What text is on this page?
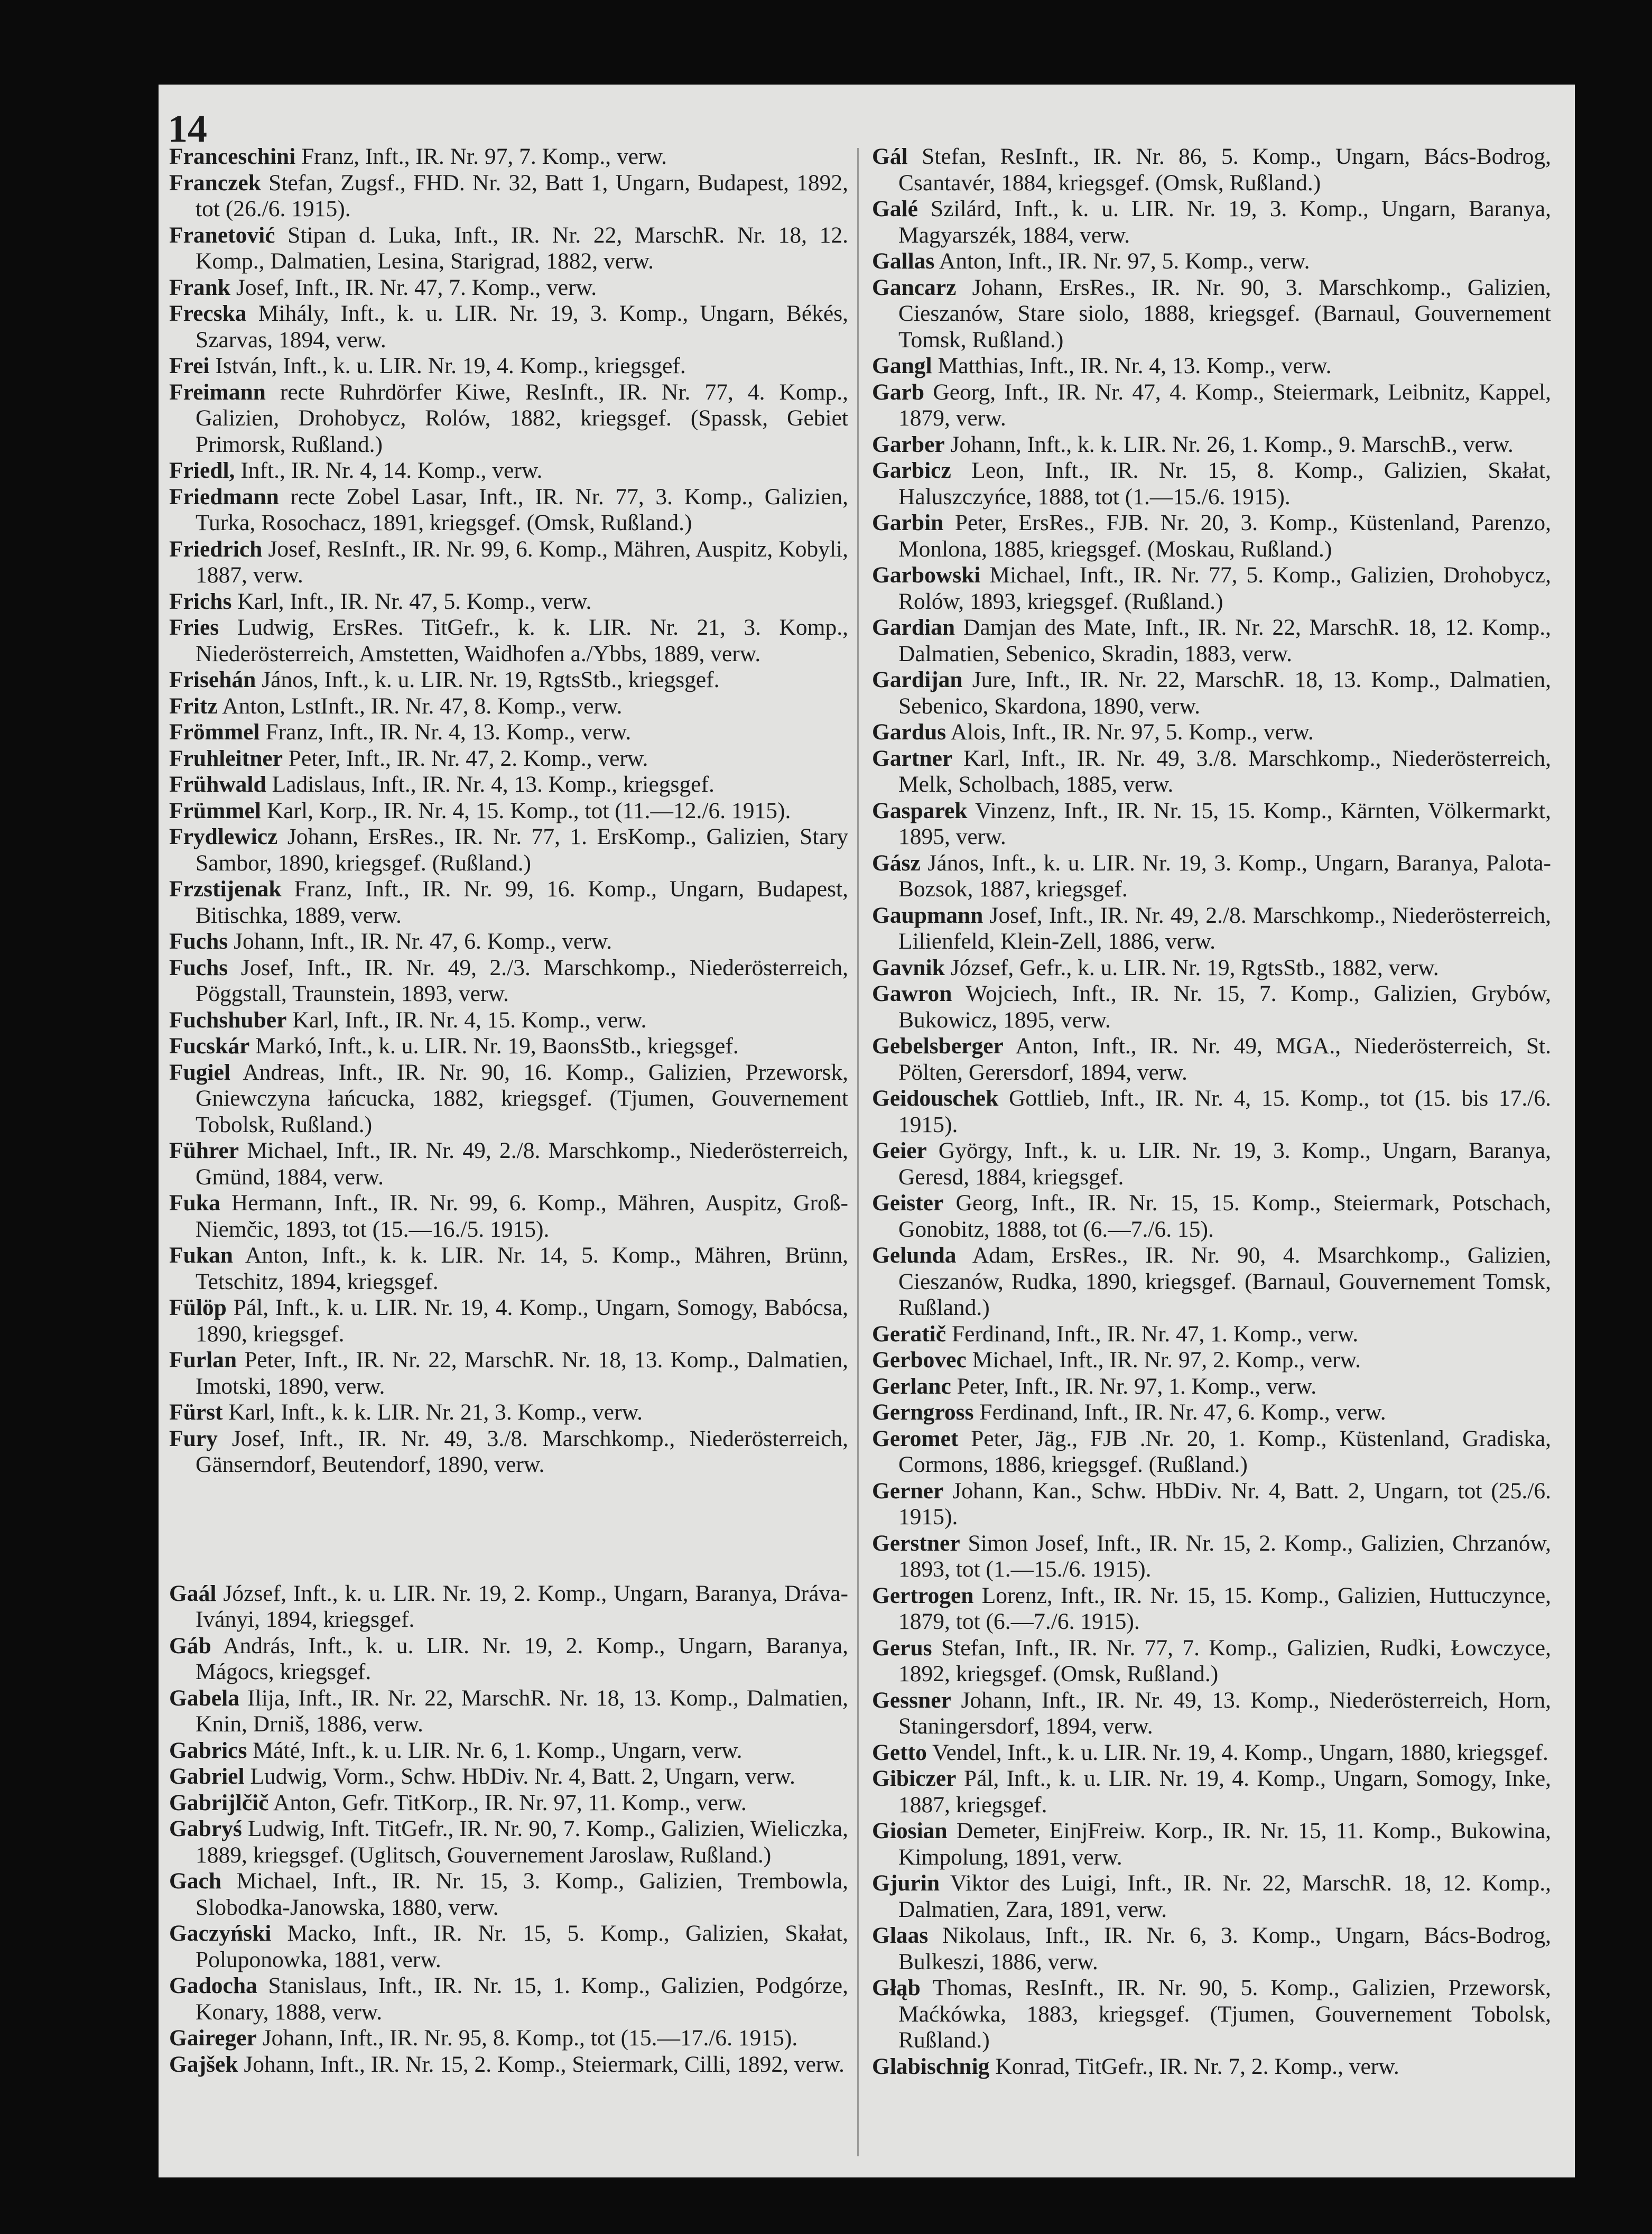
14

Franceschini Franz, Inft., IR. Nr. 97, 7. Komp., verw.

Franczek Stefan, Zugsf., FHD. Nr. 32, Batt 1, Ungarn, Budapest, 1892, tot (26./6. 1915).

Franetović Stipan d. Luka, Inft., IR. Nr. 22, MarschR. Nr. 18, 12. Komp., Dalmatien, Lesina, Starigrad, 1882, verw.

Frank Josef, Inft., IR. Nr. 47, 7. Komp., verw.

Frecska Mihály, Inft., k. u. LIR. Nr. 19, 3. Komp., Ungarn, Békés, Szarvas, 1894, verw.

Frei István, Inft., k. u. LIR. Nr. 19, 4. Komp., kriegsgef.

Freimann recte Ruhrdörfer Kiwe, ResInft., IR. Nr. 77, 4. Komp., Galizien, Drohobycz, Rolów, 1882, kriegsgef. (Spassk, Gebiet Primorsk, Rußland.)

Friedl, Inft., IR. Nr. 4, 14. Komp., verw.

Friedmann recte Zobel Lasar, Inft., IR. Nr. 77, 3. Komp., Galizien, Turka, Rosochacz, 1891, kriegsgef. (Omsk, Rußland.)

Friedrich Josef, ResInft., IR. Nr. 99, 6. Komp., Mähren, Auspitz, Kobyli, 1887, verw.

Frichs Karl, Inft., IR. Nr. 47, 5. Komp., verw.

Fries Ludwig, ErsRes. TitGefr., k. k. LIR. Nr. 21, 3. Komp., Niederösterreich, Amstetten, Waidhofen a./Ybbs, 1889, verw.

Frisehán János, Inft., k. u. LIR. Nr. 19, RgtsStb., kriegsgef.

Fritz Anton, LstInft., IR. Nr. 47, 8. Komp., verw.

Frömmel Franz, Inft., IR. Nr. 4, 13. Komp., verw.

Fruhleitner Peter, Inft., IR. Nr. 47, 2. Komp., verw.

Frühwald Ladislaus, Inft., IR. Nr. 4, 13. Komp., kriegsgef.

Frümmel Karl, Korp., IR. Nr. 4, 15. Komp., tot (11.—12./6. 1915).

Frydlewicz Johann, ErsRes., IR. Nr. 77, 1. ErsKomp., Galizien, Stary Sambor, 1890, kriegsgef. (Rußland.)

Frzstijenak Franz, Inft., IR. Nr. 99, 16. Komp., Ungarn, Budapest, Bitischka, 1889, verw.

Fuchs Johann, Inft., IR. Nr. 47, 6. Komp., verw.

Fuchs Josef, Inft., IR. Nr. 49, 2./3. Marschkomp., Niederösterreich, Pöggstall, Traunstein, 1893, verw.

Fuchshuber Karl, Inft., IR. Nr. 4, 15. Komp., verw.

Fucskár Markó, Inft., k. u. LIR. Nr. 19, BaonsStb., kriegsgef.

Fugiel Andreas, Inft., IR. Nr. 90, 16. Komp., Galizien, Przeworsk, Gniewczyna łańcucka, 1882, kriegsgef. (Tjumen, Gouvernement Tobolsk, Rußland.)

Führer Michael, Inft., IR. Nr. 49, 2./8. Marschkomp., Niederösterreich, Gmünd, 1884, verw.

Fuka Hermann, Inft., IR. Nr. 99, 6. Komp., Mähren, Auspitz, Groß-Niemčic, 1893, tot (15.—16./5. 1915).

Fukan Anton, Inft., k. k. LIR. Nr. 14, 5. Komp., Mähren, Brünn, Tetschitz, 1894, kriegsgef.

Fülöp Pál, Inft., k. u. LIR. Nr. 19, 4. Komp., Ungarn, Somogy, Babócsa, 1890, kriegsgef.

Furlan Peter, Inft., IR. Nr. 22, MarschR. Nr. 18, 13. Komp., Dalmatien, Imotski, 1890, verw.

Fürst Karl, Inft., k. k. LIR. Nr. 21, 3. Komp., verw.

Fury Josef, Inft., IR. Nr. 49, 3./8. Marschkomp., Niederösterreich, Gänserndorf, Beutendorf, 1890, verw.

Gaál József, Inft., k. u. LIR. Nr. 19, 2. Komp., Ungarn, Baranya, Dráva-Iványi, 1894, kriegsgef.

Gáb András, Inft., k. u. LIR. Nr. 19, 2. Komp., Ungarn, Baranya, Mágocs, kriegsgef.

Gabela Ilija, Inft., IR. Nr. 22, MarschR. Nr. 18, 13. Komp., Dalmatien, Knin, Drniš, 1886, verw.

Gabrics Máté, Inft., k. u. LIR. Nr. 6, 1. Komp., Ungarn, verw.

Gabriel Ludwig, Vorm., Schw. HbDiv. Nr. 4, Batt. 2, Ungarn, verw.

Gabrijlčič Anton, Gefr. TitKorp., IR. Nr. 97, 11. Komp., verw.

Gabryś Ludwig, Inft. TitGefr., IR. Nr. 90, 7. Komp., Galizien, Wieliczka, 1889, kriegsgef. (Uglitsch, Gouvernement Jaroslaw, Rußland.)

Gach Michael, Inft., IR. Nr. 15, 3. Komp., Galizien, Trembowla, Slobodka-Janowska, 1880, verw.

Gaczyński Macko, Inft., IR. Nr. 15, 5. Komp., Galizien, Skałat, Poluponowka, 1881, verw.

Gadocha Stanislaus, Inft., IR. Nr. 15, 1. Komp., Galizien, Podgórze, Konary, 1888, verw.

Gaireger Johann, Inft., IR. Nr. 95, 8. Komp., tot (15.—17./6. 1915).

Gajšek Johann, Inft., IR. Nr. 15, 2. Komp., Steiermark, Cilli, 1892, verw.

Gál Stefan, ResInft., IR. Nr. 86, 5. Komp., Ungarn, Bács-Bodrog, Csantavér, 1884, kriegsgef. (Omsk, Rußland.)

Galé Szilárd, Inft., k. u. LIR. Nr. 19, 3. Komp., Ungarn, Baranya, Magyarszék, 1884, verw.

Gallas Anton, Inft., IR. Nr. 97, 5. Komp., verw.

Gancarz Johann, ErsRes., IR. Nr. 90, 3. Marschkomp., Galizien, Cieszanów, Stare siolo, 1888, kriegsgef. (Barnaul, Gouvernement Tomsk, Rußland.)

Gangl Matthias, Inft., IR. Nr. 4, 13. Komp., verw.

Garb Georg, Inft., IR. Nr. 47, 4. Komp., Steiermark, Leibnitz, Kappel, 1879, verw.

Garber Johann, Inft., k. k. LIR. Nr. 26, 1. Komp., 9. MarschB., verw.

Garbicz Leon, Inft., IR. Nr. 15, 8. Komp., Galizien, Skałat, Haluszczyńce, 1888, tot (1.—15./6. 1915).

Garbin Peter, ErsRes., FJB. Nr. 20, 3. Komp., Küstenland, Parenzo, Monlona, 1885, kriegsgef. (Moskau, Rußland.)

Garbowski Michael, Inft., IR. Nr. 77, 5. Komp., Galizien, Drohobycz, Rolów, 1893, kriegsgef. (Rußland.)

Gardian Damjan des Mate, Inft., IR. Nr. 22, MarschR. 18, 12. Komp., Dalmatien, Sebenico, Skradin, 1883, verw.

Gardijan Jure, Inft., IR. Nr. 22, MarschR. 18, 13. Komp., Dalmatien, Sebenico, Skardona, 1890, verw.

Gardus Alois, Inft., IR. Nr. 97, 5. Komp., verw.

Gartner Karl, Inft., IR. Nr. 49, 3./8. Marschkomp., Niederösterreich, Melk, Scholbach, 1885, verw.

Gasparek Vinzenz, Inft., IR. Nr. 15, 15. Komp., Kärnten, Völkermarkt, 1895, verw.

Gász János, Inft., k. u. LIR. Nr. 19, 3. Komp., Ungarn, Baranya, Palota-Bozsok, 1887, kriegsgef.

Gaupmann Josef, Inft., IR. Nr. 49, 2./8. Marschkomp., Niederösterreich, Lilienfeld, Klein-Zell, 1886, verw.

Gavnik József, Gefr., k. u. LIR. Nr. 19, RgtsStb., 1882, verw.

Gawron Wojciech, Inft., IR. Nr. 15, 7. Komp., Galizien, Grybów, Bukowicz, 1895, verw.

Gebelsberger Anton, Inft., IR. Nr. 49, MGA., Niederösterreich, St. Pölten, Gerersdorf, 1894, verw.

Geidouschek Gottlieb, Inft., IR. Nr. 4, 15. Komp., tot (15. bis 17./6. 1915).

Geier György, Inft., k. u. LIR. Nr. 19, 3. Komp., Ungarn, Baranya, Geresd, 1884, kriegsgef.

Geister Georg, Inft., IR. Nr. 15, 15. Komp., Steiermark, Potschach, Gonobitz, 1888, tot (6.—7./6. 15).

Gelunda Adam, ErsRes., IR. Nr. 90, 4. Msarchkomp., Galizien, Cieszanów, Rudka, 1890, kriegsgef. (Barnaul, Gouvernement Tomsk, Rußland.)

Geratič Ferdinand, Inft., IR. Nr. 47, 1. Komp., verw.

Gerbovec Michael, Inft., IR. Nr. 97, 2. Komp., verw.

Gerlanc Peter, Inft., IR. Nr. 97, 1. Komp., verw.

Gerngross Ferdinand, Inft., IR. Nr. 47, 6. Komp., verw.

Geromet Peter, Jäg., FJB .Nr. 20, 1. Komp., Küstenland, Gradiska, Cormons, 1886, kriegsgef. (Rußland.)

Gerner Johann, Kan., Schw. HbDiv. Nr. 4, Batt. 2, Ungarn, tot (25./6. 1915).

Gerstner Simon Josef, Inft., IR. Nr. 15, 2. Komp., Galizien, Chrzanów, 1893, tot (1.—15./6. 1915).

Gertrogen Lorenz, Inft., IR. Nr. 15, 15. Komp., Galizien, Huttuczynce, 1879, tot (6.—7./6. 1915).

Gerus Stefan, Inft., IR. Nr. 77, 7. Komp., Galizien, Rudki, Łowczyce, 1892, kriegsgef. (Omsk, Rußland.)

Gessner Johann, Inft., IR. Nr. 49, 13. Komp., Niederösterreich, Horn, Staningersdorf, 1894, verw.

Getto Vendel, Inft., k. u. LIR. Nr. 19, 4. Komp., Ungarn, 1880, kriegsgef.

Gibiczer Pál, Inft., k. u. LIR. Nr. 19, 4. Komp., Ungarn, Somogy, Inke, 1887, kriegsgef.

Giosian Demeter, EinjFreiw. Korp., IR. Nr. 15, 11. Komp., Bukowina, Kimpolung, 1891, verw.

Gjurin Viktor des Luigi, Inft., IR. Nr. 22, MarschR. 18, 12. Komp., Dalmatien, Zara, 1891, verw.

Glaas Nikolaus, Inft., IR. Nr. 6, 3. Komp., Ungarn, Bács-Bodrog, Bulkeszi, 1886, verw.

Głąb Thomas, ResInft., IR. Nr. 90, 5. Komp., Galizien, Przeworsk, Maćkówka, 1883, kriegsgef. (Tjumen, Gouvernement Tobolsk, Rußland.)

Glabischnig Konrad, TitGefr., IR. Nr. 7, 2. Komp., verw.
